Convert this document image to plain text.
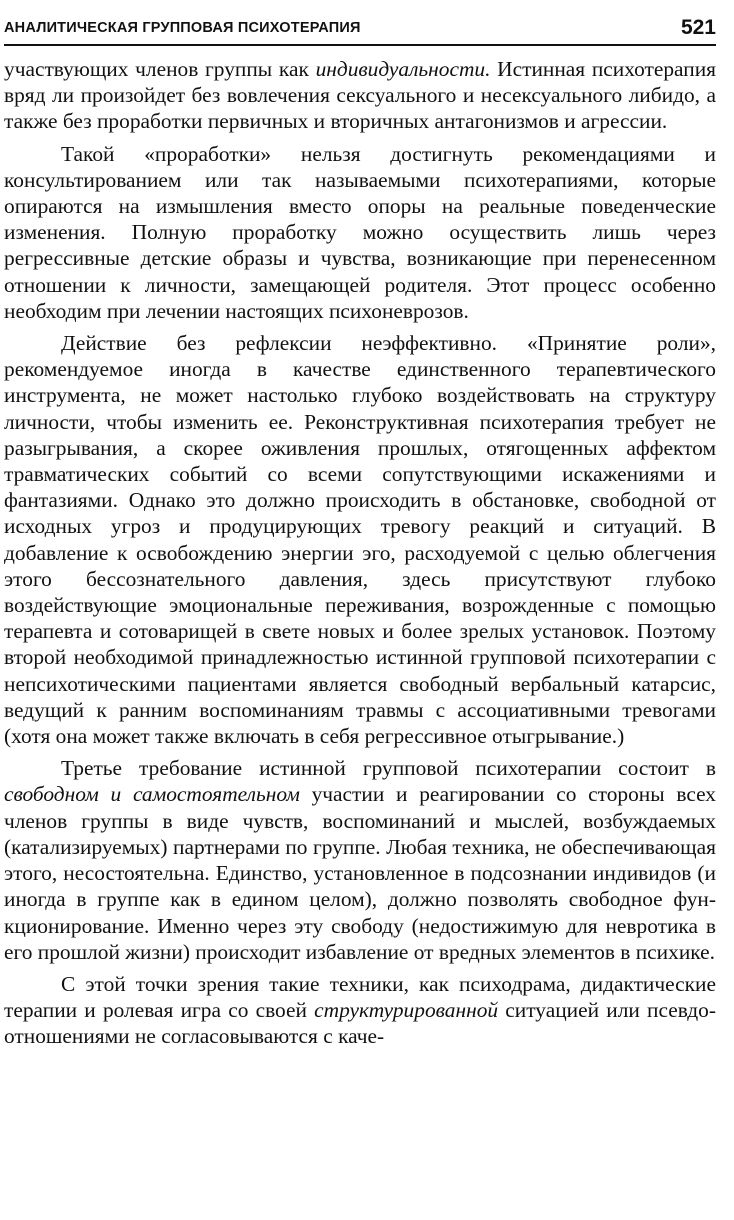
АНАЛИТИЧЕСКАЯ ГРУППОВАЯ ПСИХОТЕРАПИЯ	521

участвующих членов группы как индивидуальности. Истинная психотерапия вряд ли произойдет без вовлечения сексуального и несексуального либидо, а также без проработки первичных и вторичных антагонизмов и агрессии.

Такой «проработки» нельзя достигнуть рекомендациями и консультированием или так называемыми психотерапиями, которые опираются на измышления вместо опоры на реальные поведенческие изменения. Полную проработку можно осуществить лишь через регрессивные детские образы и чувства, возникающие при перенесенном отношении к личности, замещающей родителя. Этот процесс особенно необходим при лечении настоящих психоневрозов.

Действие без рефлексии неэффективно. «Принятие роли», рекомендуемое иногда в качестве единственного терапевтического инструмента, не может настолько глубоко воздействовать на структуру личности, чтобы изменить ее. Реконструктивная психотерапия требует не разыгрывания, а скорее оживления прошлых, отягощенных аффектом травматических событий со всеми сопутствующими искажениями и фантазиями. Однако это должно происходить в обстановке, свободной от исходных угроз и продуцирующих тревогу реакций и ситуаций. В добавление к освобождению энергии эго, расходуемой с целью облегчения этого бессознательного давления, здесь присутствуют глубоко воздействующие эмоциональные переживания, возрожденные с помощью терапевта и сотоварищей в свете новых и более зрелых установок. Поэтому второй необходимой принадлежностью истинной групповой психотерапии с непсихотическими пациентами является свободный вербальный катарсис, ведущий к ранним воспоминаниям травмы с ассоциативными тревогами (хотя она может также включать в себя регрессивное отыгрывание.)

Третье требование истинной групповой психотерапии состоит в свободном и самостоятельном участии и реагировании со стороны всех членов группы в виде чувств, воспоминаний и мыслей, возбуждаемых (катализируемых) партнерами по группе. Любая техника, не обеспечивающая этого, несостоятельна. Единство, установленное в подсознании индивидов (и иногда в группе как в едином целом), должно позволять свободное функционирование. Именно через эту свободу (недостижимую для невротика в его прошлой жизни) происходит избавление от вредных элементов в психике.

С этой точки зрения такие техники, как психодрама, дидактические терапии и ролевая игра со своей структурированной ситуацией или псевдо-отношениями не согласовываются с каче-
